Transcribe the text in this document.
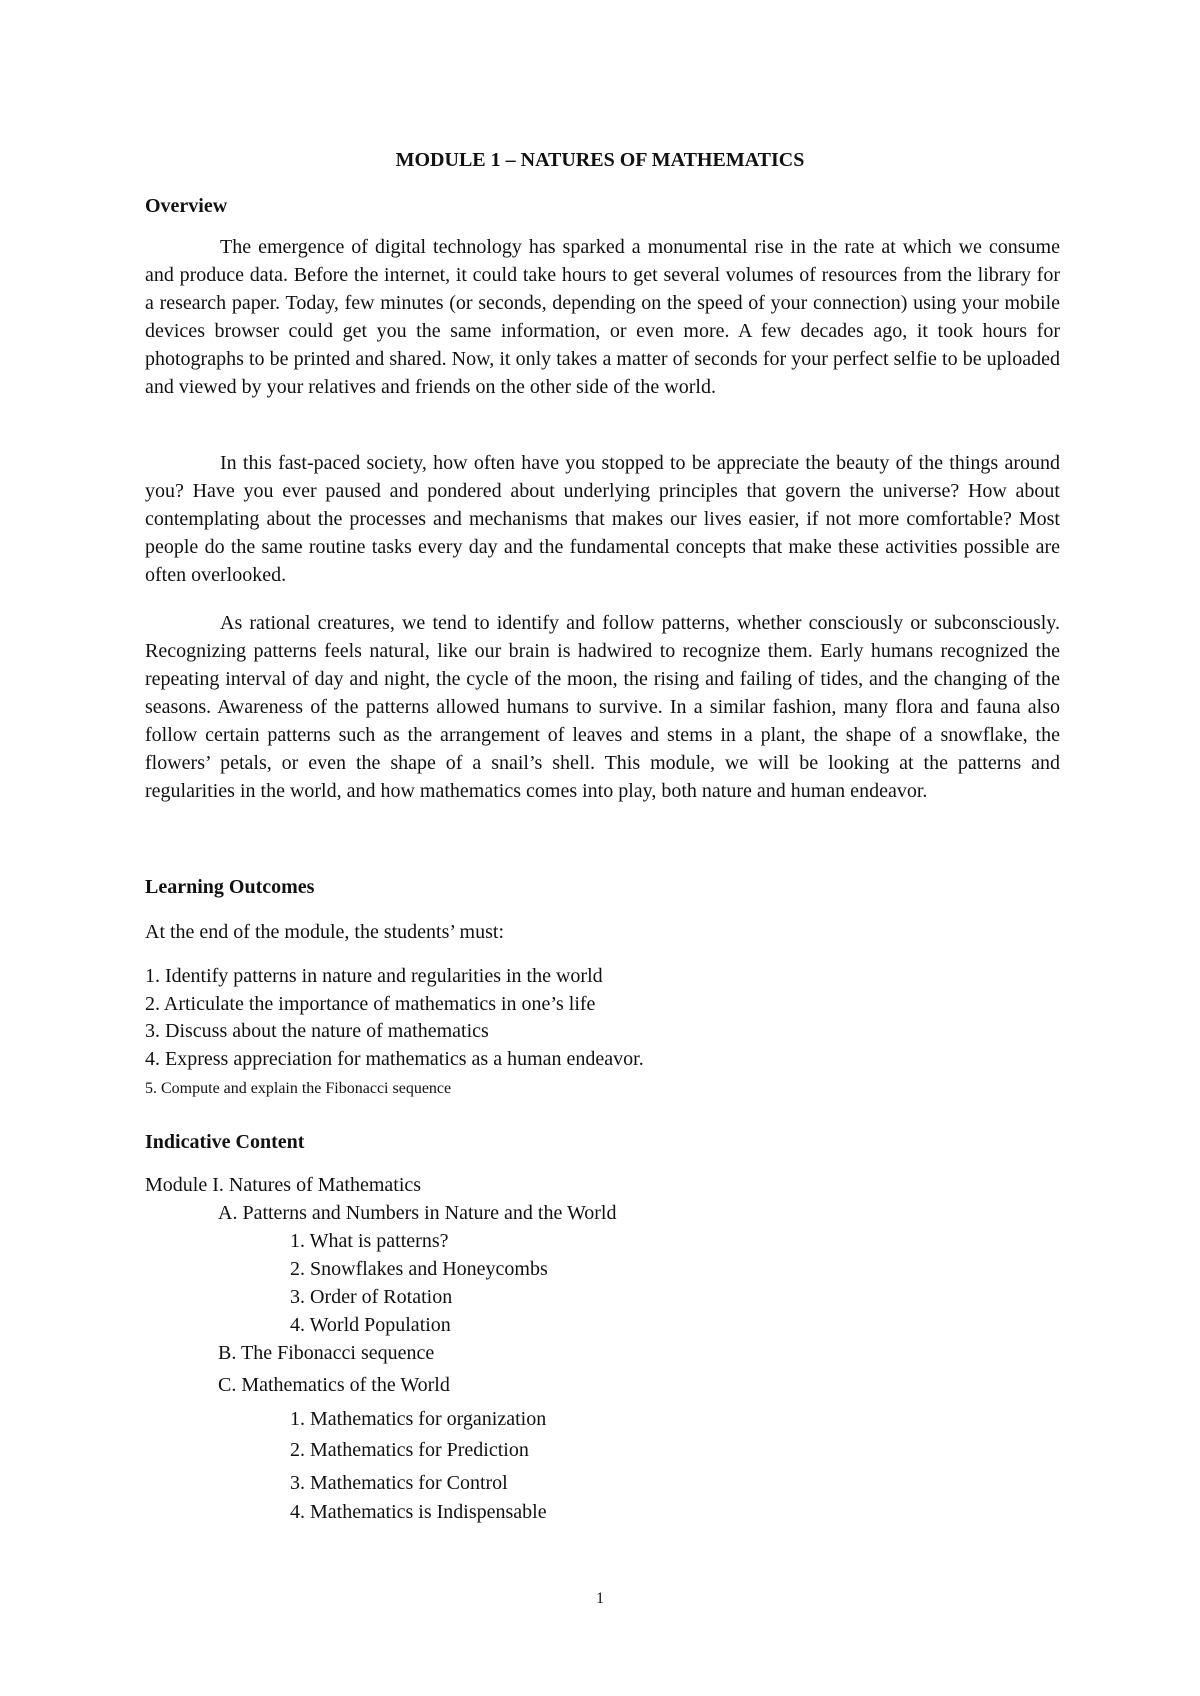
MODULE 1 – NATURES OF MATHEMATICS
Overview

The emergence of digital technology has sparked a monumental rise in the rate at which we consume and produce data. Before the internet, it could take hours to get several volumes of resources from the library for a research paper. Today, few minutes (or seconds, depending on the speed of your connection) using your mobile devices browser could get you the same information, or even more. A few decades ago, it took hours for photographs to be printed and shared. Now, it only takes a matter of seconds for your perfect selfie to be uploaded and viewed by your relatives and friends on the other side of the world.

In this fast-paced society, how often have you stopped to be appreciate the beauty of the things around you? Have you ever paused and pondered about underlying principles that govern the universe? How about contemplating about the processes and mechanisms that makes our lives easier, if not more comfortable? Most people do the same routine tasks every day and the fundamental concepts that make these activities possible are often overlooked.

As rational creatures, we tend to identify and follow patterns, whether consciously or subconsciously. Recognizing patterns feels natural, like our brain is hadwired to recognize them. Early humans recognized the repeating interval of day and night, the cycle of the moon, the rising and failing of tides, and the changing of the seasons. Awareness of the patterns allowed humans to survive. In a similar fashion, many flora and fauna also follow certain patterns such as the arrangement of leaves and stems in a plant, the shape of a snowflake, the flowers’ petals, or even the shape of a snail’s shell. This module, we will be looking at the patterns and regularities in the world, and how mathematics comes into play, both nature and human endeavor.

Learning Outcomes
At the end of the module, the students’ must:
1. Identify patterns in nature and regularities in the world
2. Articulate the importance of mathematics in one’s life
3. Discuss about the nature of mathematics
4. Express appreciation for mathematics as a human endeavor.
5. Compute and explain the Fibonacci sequence
Indicative Content
Module I. Natures of Mathematics
A. Patterns and Numbers in Nature and the World
1. What is patterns?
2. Snowflakes and Honeycombs
3. Order of Rotation
4. World Population
B. The Fibonacci sequence
C. Mathematics of the World
1. Mathematics for organization
2. Mathematics for Prediction
3. Mathematics for Control
4. Mathematics is Indispensable
1
